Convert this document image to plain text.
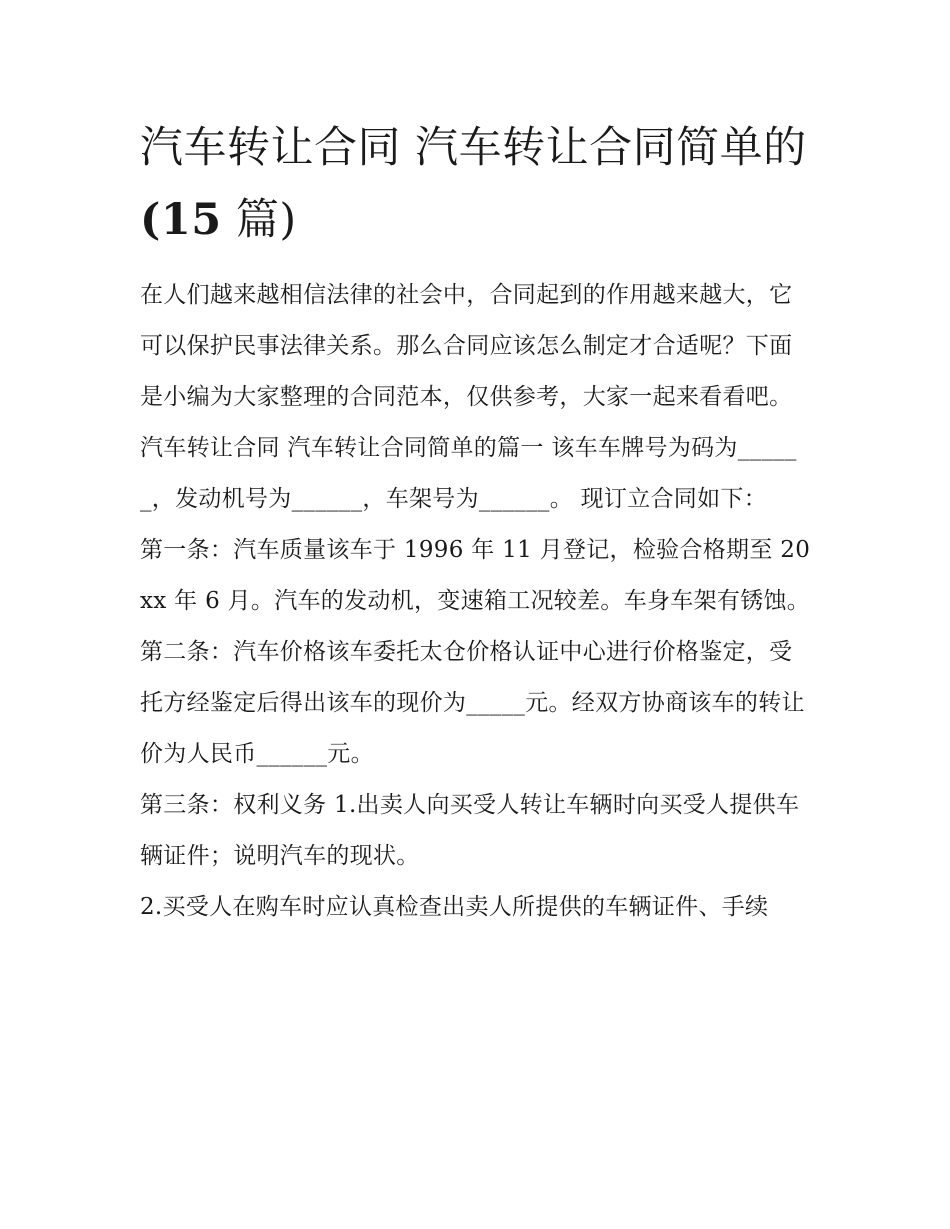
汽车转让合同 汽车转让合同简单的(15 篇)

在人们越来越相信法律的社会中，合同起到的作用越来越大，它可以保护民事法律关系。那么合同应该怎么制定才合适呢？下面是小编为大家整理的合同范本，仅供参考，大家一起来看看吧。

汽车转让合同 汽车转让合同简单的篇一 该车车牌号为码为______，发动机号为______，车架号为______。 现订立合同如下：

第一条：汽车质量该车于 1996 年 11 月登记，检验合格期至 20xx 年 6 月。汽车的发动机，变速箱工况较差。车身车架有锈蚀。

第二条：汽车价格该车委托太仓价格认证中心进行价格鉴定，受托方经鉴定后得出该车的现价为_____元。经双方协商该车的转让价为人民币______元。

第三条：权利义务 1.出卖人向买受人转让车辆时向买受人提供车辆证件；说明汽车的现状。

2.买受人在购车时应认真检查出卖人所提供的车辆证件、手续
